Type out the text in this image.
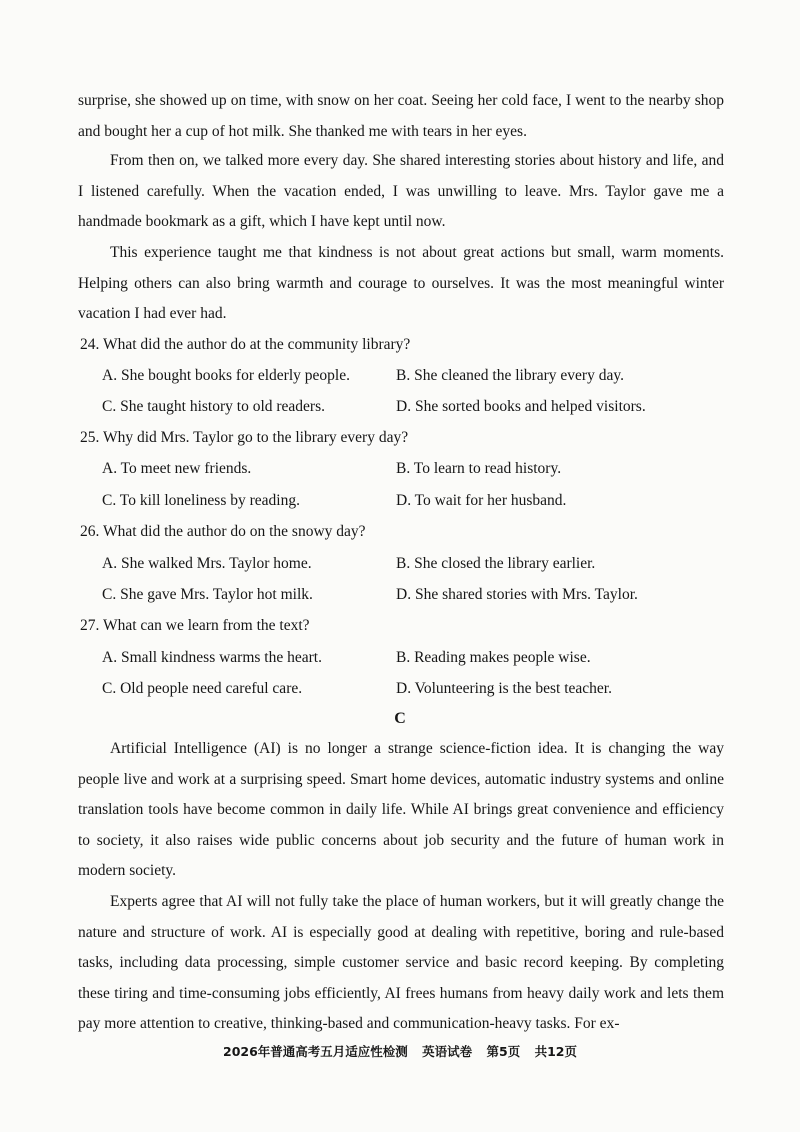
surprise, she showed up on time, with snow on her coat. Seeing her cold face, I went to the nearby shop and bought her a cup of hot milk. She thanked me with tears in her eyes.
From then on, we talked more every day. She shared interesting stories about history and life, and I listened carefully. When the vacation ended, I was unwilling to leave. Mrs. Taylor gave me a handmade bookmark as a gift, which I have kept until now.
This experience taught me that kindness is not about great actions but small, warm moments. Helping others can also bring warmth and courage to ourselves. It was the most meaningful winter vacation I had ever had.
24. What did the author do at the community library?
A. She bought books for elderly people.	B. She cleaned the library every day.
C. She taught history to old readers.	D. She sorted books and helped visitors.
25. Why did Mrs. Taylor go to the library every day?
A. To meet new friends.	B. To learn to read history.
C. To kill loneliness by reading.	D. To wait for her husband.
26. What did the author do on the snowy day?
A. She walked Mrs. Taylor home.	B. She closed the library earlier.
C. She gave Mrs. Taylor hot milk.	D. She shared stories with Mrs. Taylor.
27. What can we learn from the text?
A. Small kindness warms the heart.	B. Reading makes people wise.
C. Old people need careful care.	D. Volunteering is the best teacher.
C
Artificial Intelligence (AI) is no longer a strange science-fiction idea. It is changing the way people live and work at a surprising speed. Smart home devices, automatic industry systems and online translation tools have become common in daily life. While AI brings great convenience and efficiency to society, it also raises wide public concerns about job security and the future of human work in modern society.
Experts agree that AI will not fully take the place of human workers, but it will greatly change the nature and structure of work. AI is especially good at dealing with repetitive, boring and rule-based tasks, including data processing, simple customer service and basic record keeping. By completing these tiring and time-consuming jobs efficiently, AI frees humans from heavy daily work and lets them pay more attention to creative, thinking-based and communication-heavy tasks. For ex-
2026年普通高考五月适应性检测 英语试卷 第5页 共12页
